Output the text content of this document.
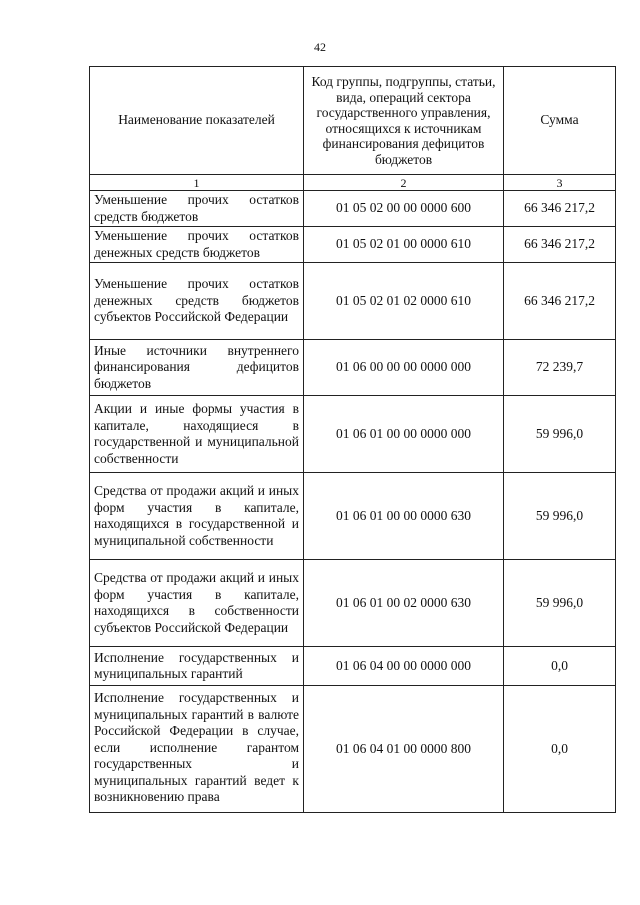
42
Наименование показателей	Код группы, подгруппы, статьи, вида, операций сектора государственного управления, относящихся к источникам финансирования дефицитов бюджетов	Сумма
1	2	3
Уменьшение прочих остатков средств бюджетов	01 05 02 00 00 0000 600	66 346 217,2
Уменьшение прочих остатков денежных средств бюджетов	01 05 02 01 00 0000 610	66 346 217,2
Уменьшение прочих остатков денежных средств бюджетов субъектов Российской Федерации	01 05 02 01 02 0000 610	66 346 217,2
Иные источники внутреннего финансирования дефицитов бюджетов	01 06 00 00 00 0000 000	72 239,7
Акции и иные формы участия в капитале, находящиеся в государственной и муниципальной собственности	01 06 01 00 00 0000 000	59 996,0
Средства от продажи акций и иных форм участия в капитале, находящихся в государственной и муниципальной собственности	01 06 01 00 00 0000 630	59 996,0
Средства от продажи акций и иных форм участия в капитале, находящихся в собственности субъектов Российской Федерации	01 06 01 00 02 0000 630	59 996,0
Исполнение государственных и муниципальных гарантий	01 06 04 00 00 0000 000	0,0
Исполнение государственных и муниципальных гарантий в валюте Российской Федерации в случае, если исполнение гарантом государственных и муниципальных гарантий ведет к возникновению права	01 06 04 01 00 0000 800	0,0
